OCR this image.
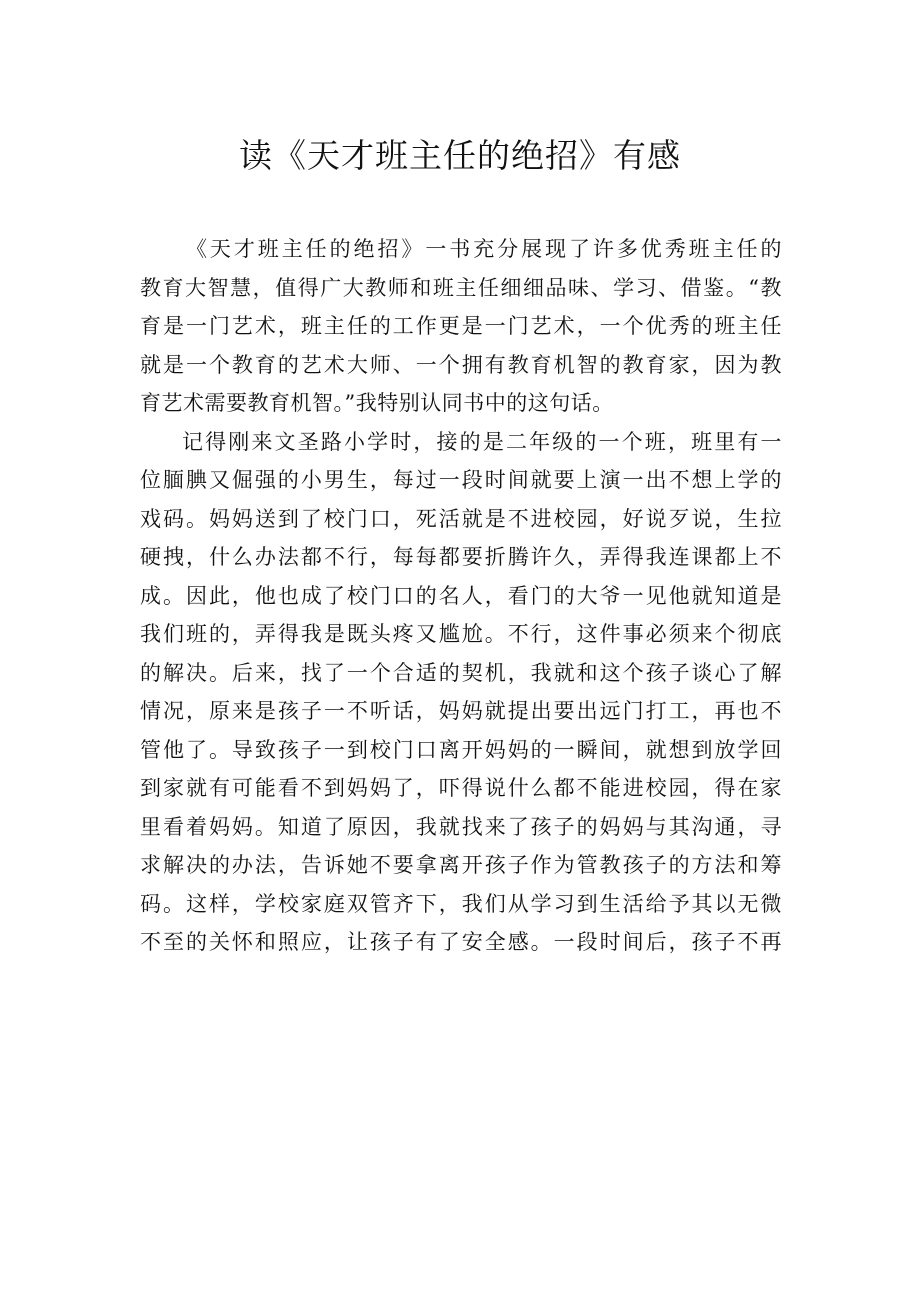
读《天才班主任的绝招》有感
《天才班主任的绝招》一书充分展现了许多优秀班主任的
教育大智慧，值得广大教师和班主任细细品味、学习、借鉴。“教
育是一门艺术，班主任的工作更是一门艺术，一个优秀的班主任
就是一个教育的艺术大师、一个拥有教育机智的教育家，因为教
育艺术需要教育机智。”我特别认同书中的这句话。
记得刚来文圣路小学时，接的是二年级的一个班，班里有一
位腼腆又倔强的小男生，每过一段时间就要上演一出不想上学的
戏码。妈妈送到了校门口，死活就是不进校园，好说歹说，生拉
硬拽，什么办法都不行，每每都要折腾许久，弄得我连课都上不
成。因此，他也成了校门口的名人，看门的大爷一见他就知道是
我们班的，弄得我是既头疼又尴尬。不行，这件事必须来个彻底
的解决。后来，找了一个合适的契机，我就和这个孩子谈心了解
情况，原来是孩子一不听话，妈妈就提出要出远门打工，再也不
管他了。导致孩子一到校门口离开妈妈的一瞬间，就想到放学回
到家就有可能看不到妈妈了，吓得说什么都不能进校园，得在家
里看着妈妈。知道了原因，我就找来了孩子的妈妈与其沟通，寻
求解决的办法，告诉她不要拿离开孩子作为管教孩子的方法和筹
码。这样，学校家庭双管齐下，我们从学习到生活给予其以无微
不至的关怀和照应，让孩子有了安全感。一段时间后，孩子不再
